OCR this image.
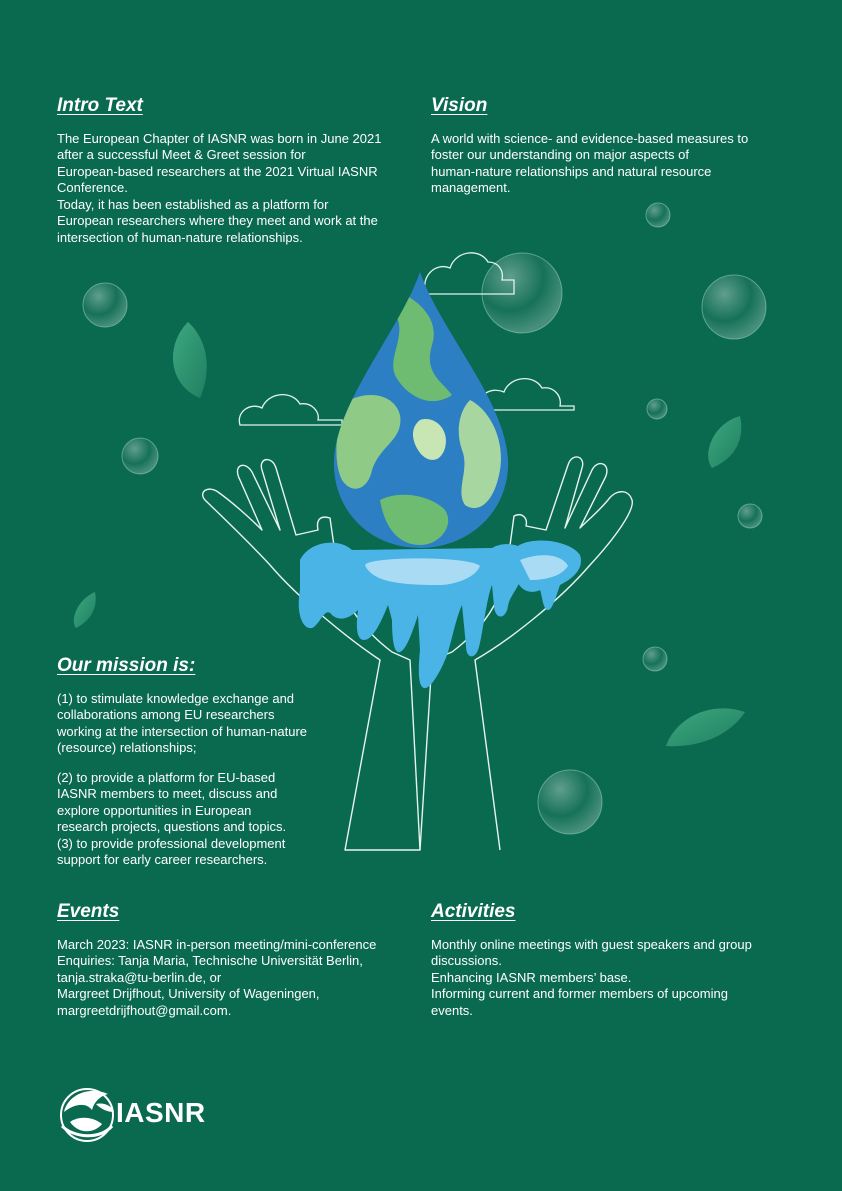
Intro Text

The European Chapter of IASNR was born in June 2021
after a successful Meet & Greet session for
European-based researchers at the 2021 Virtual IASNR
Conference.
Today, it has been established as a platform for
European researchers where they meet and work at the
intersection of human-nature relationships.

Vision

A world with science- and evidence-based measures to
foster our understanding on major aspects of
human-nature relationships and natural resource
management.

Our mission is:

(1) to stimulate knowledge exchange and
collaborations among EU researchers
working at the intersection of human-nature
(resource) relationships;

(2) to provide a platform for EU-based
IASNR members to meet, discuss and
explore opportunities in European
research projects, questions and topics.
(3) to provide professional development
support for early career researchers.

Events

March 2023: IASNR in-person meeting/mini-conference
Enquiries: Tanja Maria, Technische Universität Berlin,
tanja.straka@tu-berlin.de, or
Margreet Drijfhout, University of Wageningen,
margreetdrijfhout@gmail.com.

Activities

Monthly online meetings with guest speakers and group
discussions.
Enhancing IASNR members’ base.
Informing current and former members of upcoming
events.

IASNR
